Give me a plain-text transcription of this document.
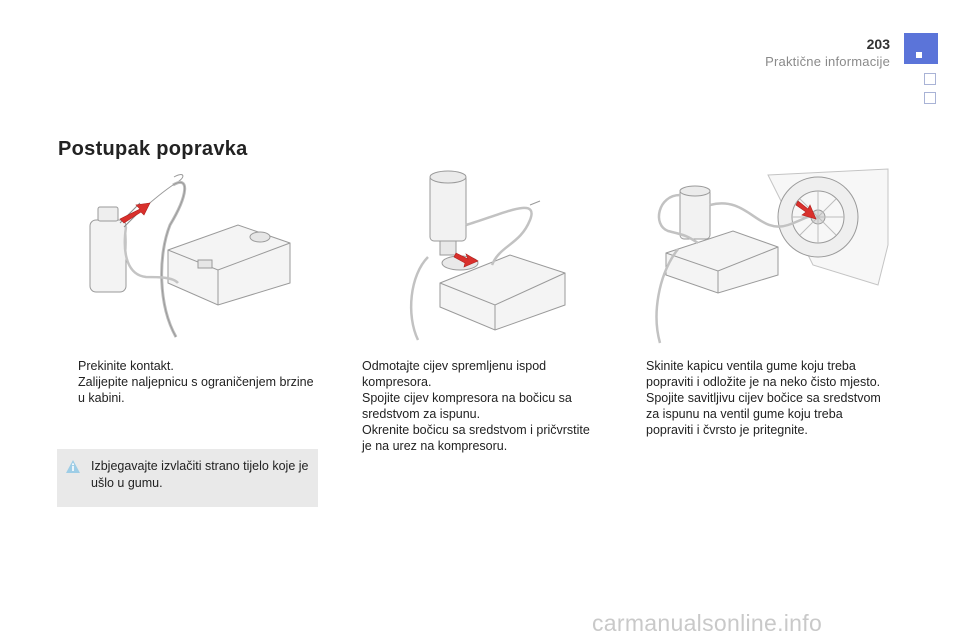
203
Praktične informacije
Postupak popravka
Prekinite kontakt.
Zalijepite naljepnicu s ograničenjem brzine u kabini.
Odmotajte cijev spremljenu ispod kompresora.
Spojite cijev kompresora na bočicu sa sredstvom za ispunu.
Okrenite bočicu sa sredstvom i pričvrstite je na urez na kompresoru.
Skinite kapicu ventila gume koju treba popraviti i odložite je na neko čisto mjesto.
Spojite savitljivu cijev bočice sa sredstvom za ispunu na ventil gume koju treba popraviti i čvrsto je pritegnite.
Izbjegavajte izvlačiti strano tijelo koje je ušlo u gumu.
carmanualsonline.info
